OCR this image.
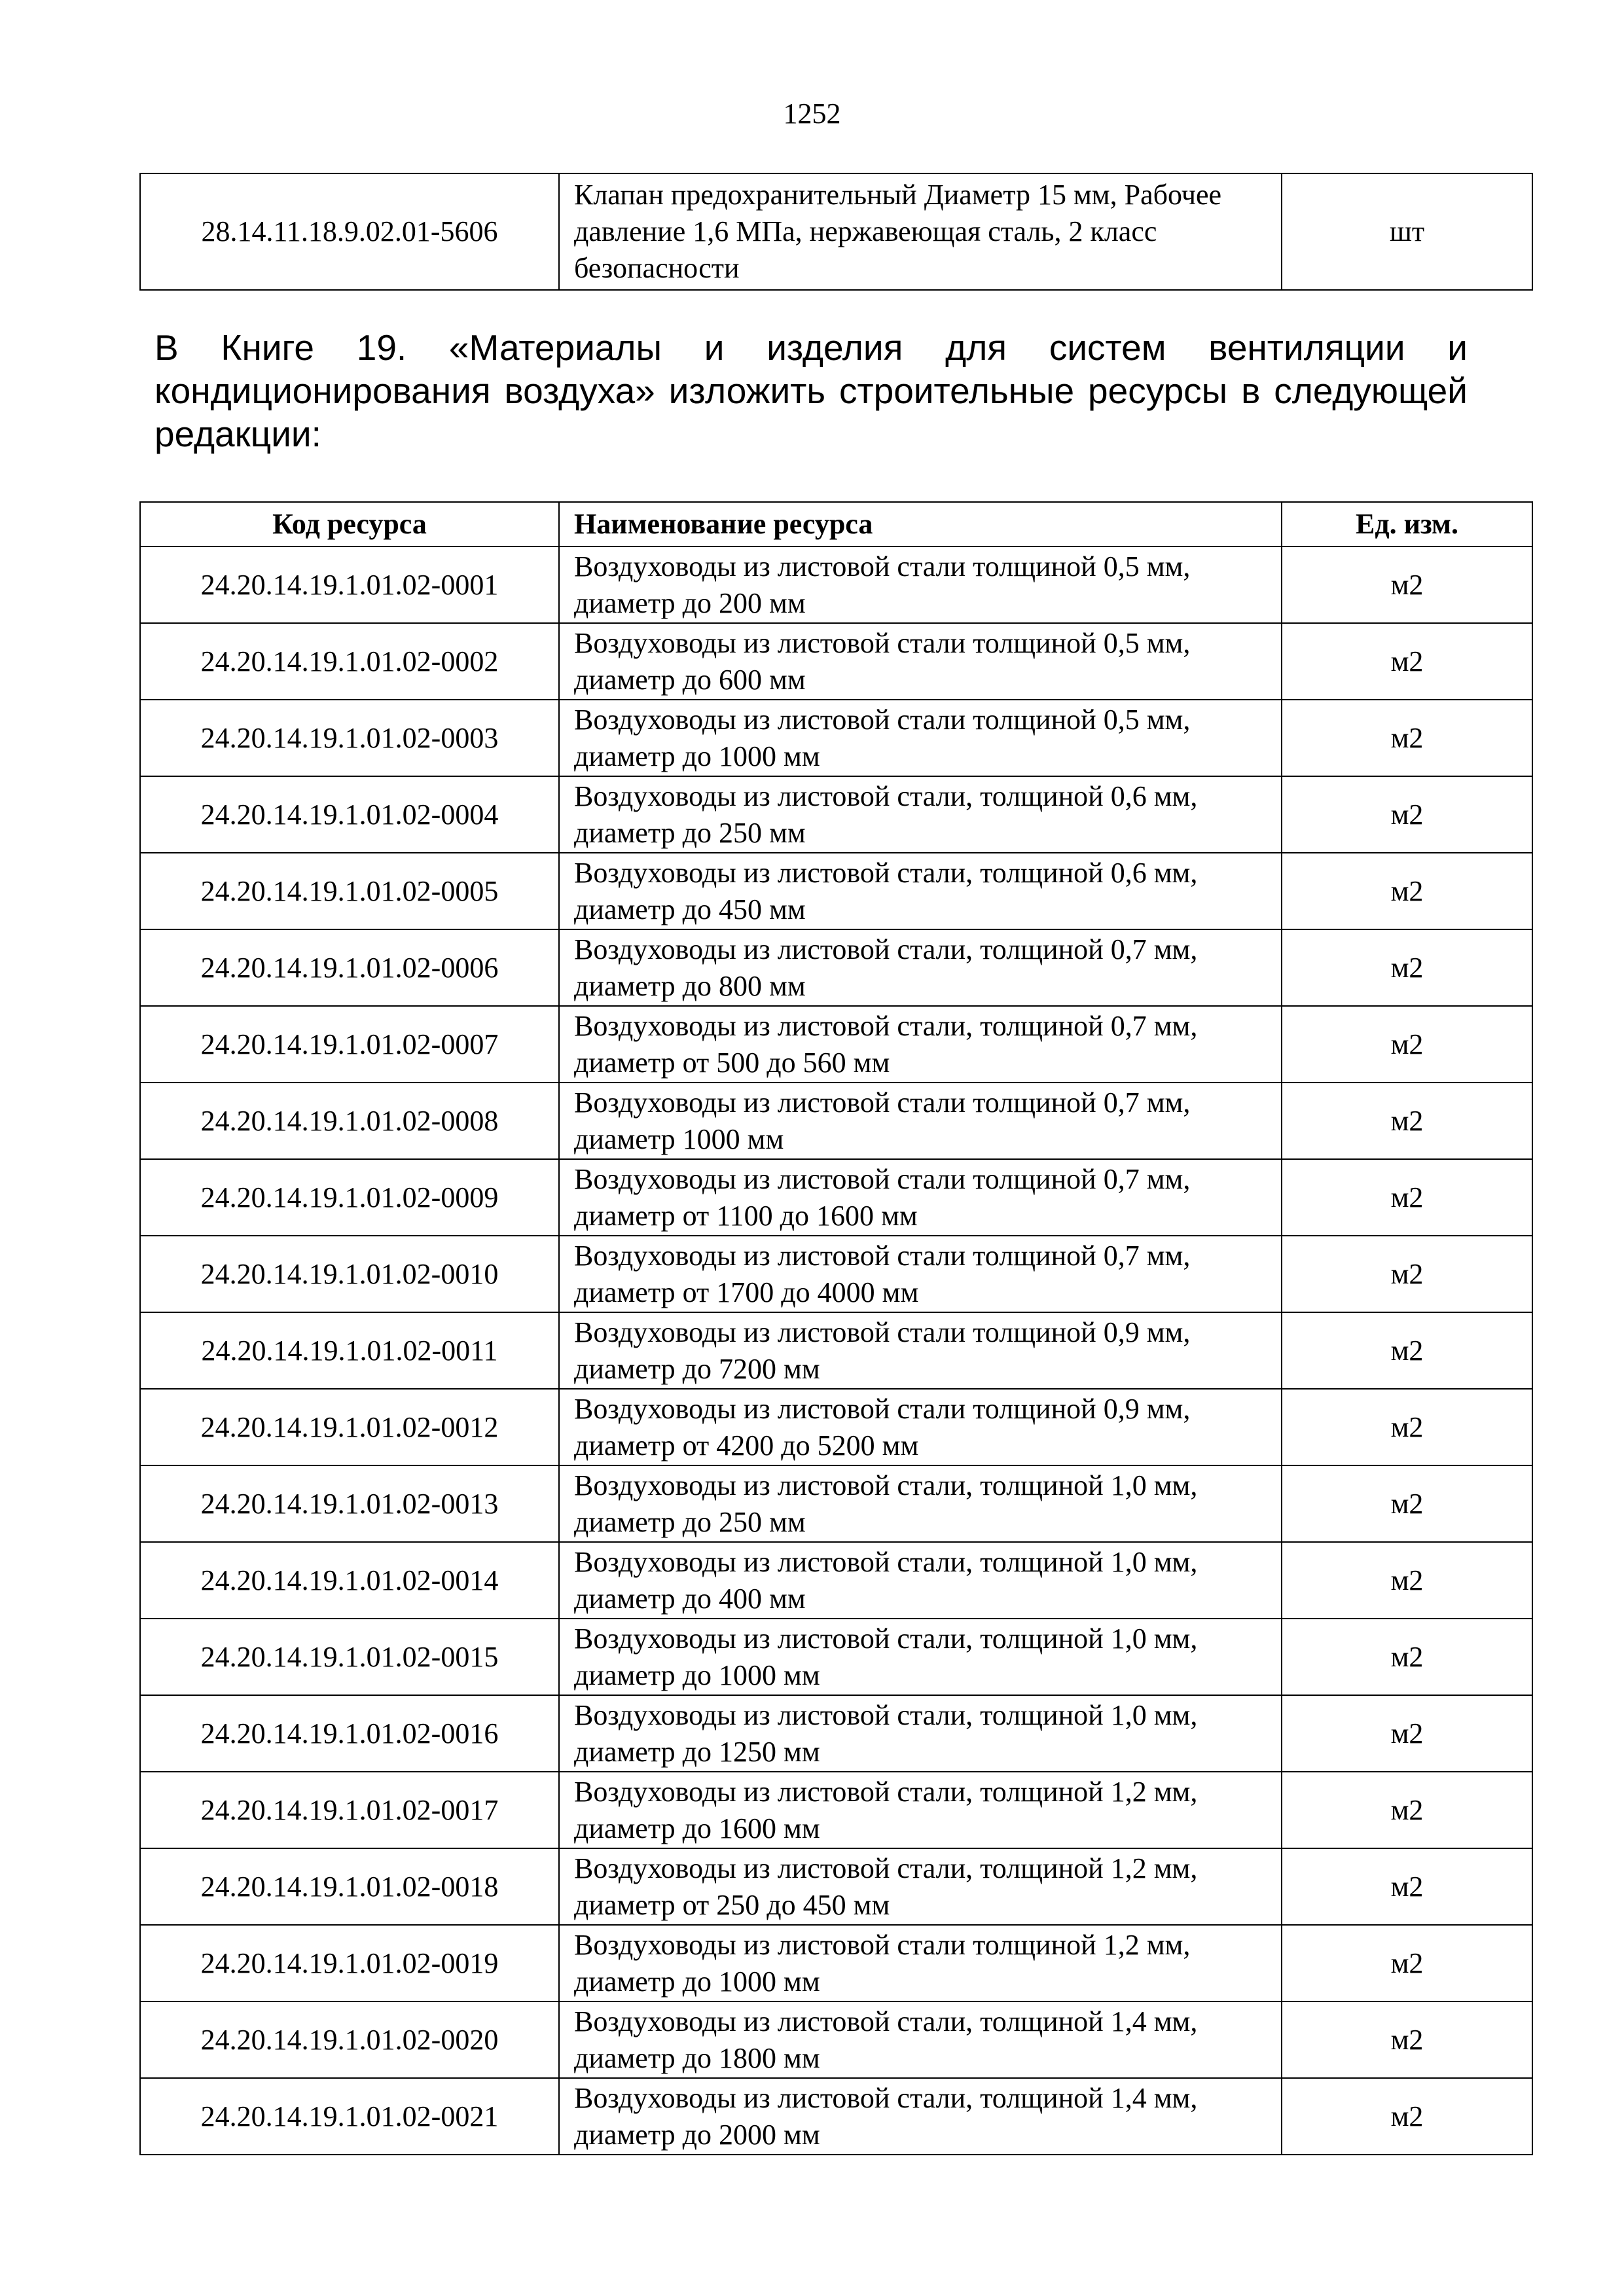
1252
28.14.11.18.9.02.01-5606	Клапан предохранительный Диаметр 15 мм, Рабочее давление 1,6 МПа, нержавеющая сталь, 2 класс безопасности	шт

В Книге 19. «Материалы и изделия для систем вентиляции и кондиционирования воздуха» изложить строительные ресурсы в следующей редакции:

Код ресурса	Наименование ресурса	Ед. изм.
24.20.14.19.1.01.02-0001	Воздуховоды из листовой стали толщиной 0,5 мм, диаметр до 200 мм	м2
24.20.14.19.1.01.02-0002	Воздуховоды из листовой стали толщиной 0,5 мм, диаметр до 600 мм	м2
24.20.14.19.1.01.02-0003	Воздуховоды из листовой стали толщиной 0,5 мм, диаметр до 1000 мм	м2
24.20.14.19.1.01.02-0004	Воздуховоды из листовой стали, толщиной 0,6 мм, диаметр до 250 мм	м2
24.20.14.19.1.01.02-0005	Воздуховоды из листовой стали, толщиной 0,6 мм, диаметр до 450 мм	м2
24.20.14.19.1.01.02-0006	Воздуховоды из листовой стали, толщиной 0,7 мм, диаметр до 800 мм	м2
24.20.14.19.1.01.02-0007	Воздуховоды из листовой стали, толщиной 0,7 мм, диаметр от 500 до 560 мм	м2
24.20.14.19.1.01.02-0008	Воздуховоды из листовой стали толщиной 0,7 мм, диаметр 1000 мм	м2
24.20.14.19.1.01.02-0009	Воздуховоды из листовой стали толщиной 0,7 мм, диаметр от 1100 до 1600 мм	м2
24.20.14.19.1.01.02-0010	Воздуховоды из листовой стали толщиной 0,7 мм, диаметр от 1700 до 4000 мм	м2
24.20.14.19.1.01.02-0011	Воздуховоды из листовой стали толщиной 0,9 мм, диаметр до 7200 мм	м2
24.20.14.19.1.01.02-0012	Воздуховоды из листовой стали толщиной 0,9 мм, диаметр от 4200 до 5200 мм	м2
24.20.14.19.1.01.02-0013	Воздуховоды из листовой стали, толщиной 1,0 мм, диаметр до 250 мм	м2
24.20.14.19.1.01.02-0014	Воздуховоды из листовой стали, толщиной 1,0 мм, диаметр до 400 мм	м2
24.20.14.19.1.01.02-0015	Воздуховоды из листовой стали, толщиной 1,0 мм, диаметр до 1000 мм	м2
24.20.14.19.1.01.02-0016	Воздуховоды из листовой стали, толщиной 1,0 мм, диаметр до 1250 мм	м2
24.20.14.19.1.01.02-0017	Воздуховоды из листовой стали, толщиной 1,2 мм, диаметр до 1600 мм	м2
24.20.14.19.1.01.02-0018	Воздуховоды из листовой стали, толщиной 1,2 мм, диаметр от 250 до 450 мм	м2
24.20.14.19.1.01.02-0019	Воздуховоды из листовой стали толщиной 1,2 мм, диаметр до 1000 мм	м2
24.20.14.19.1.01.02-0020	Воздуховоды из листовой стали, толщиной 1,4 мм, диаметр до 1800 мм	м2
24.20.14.19.1.01.02-0021	Воздуховоды из листовой стали, толщиной 1,4 мм, диаметр до 2000 мм	м2
